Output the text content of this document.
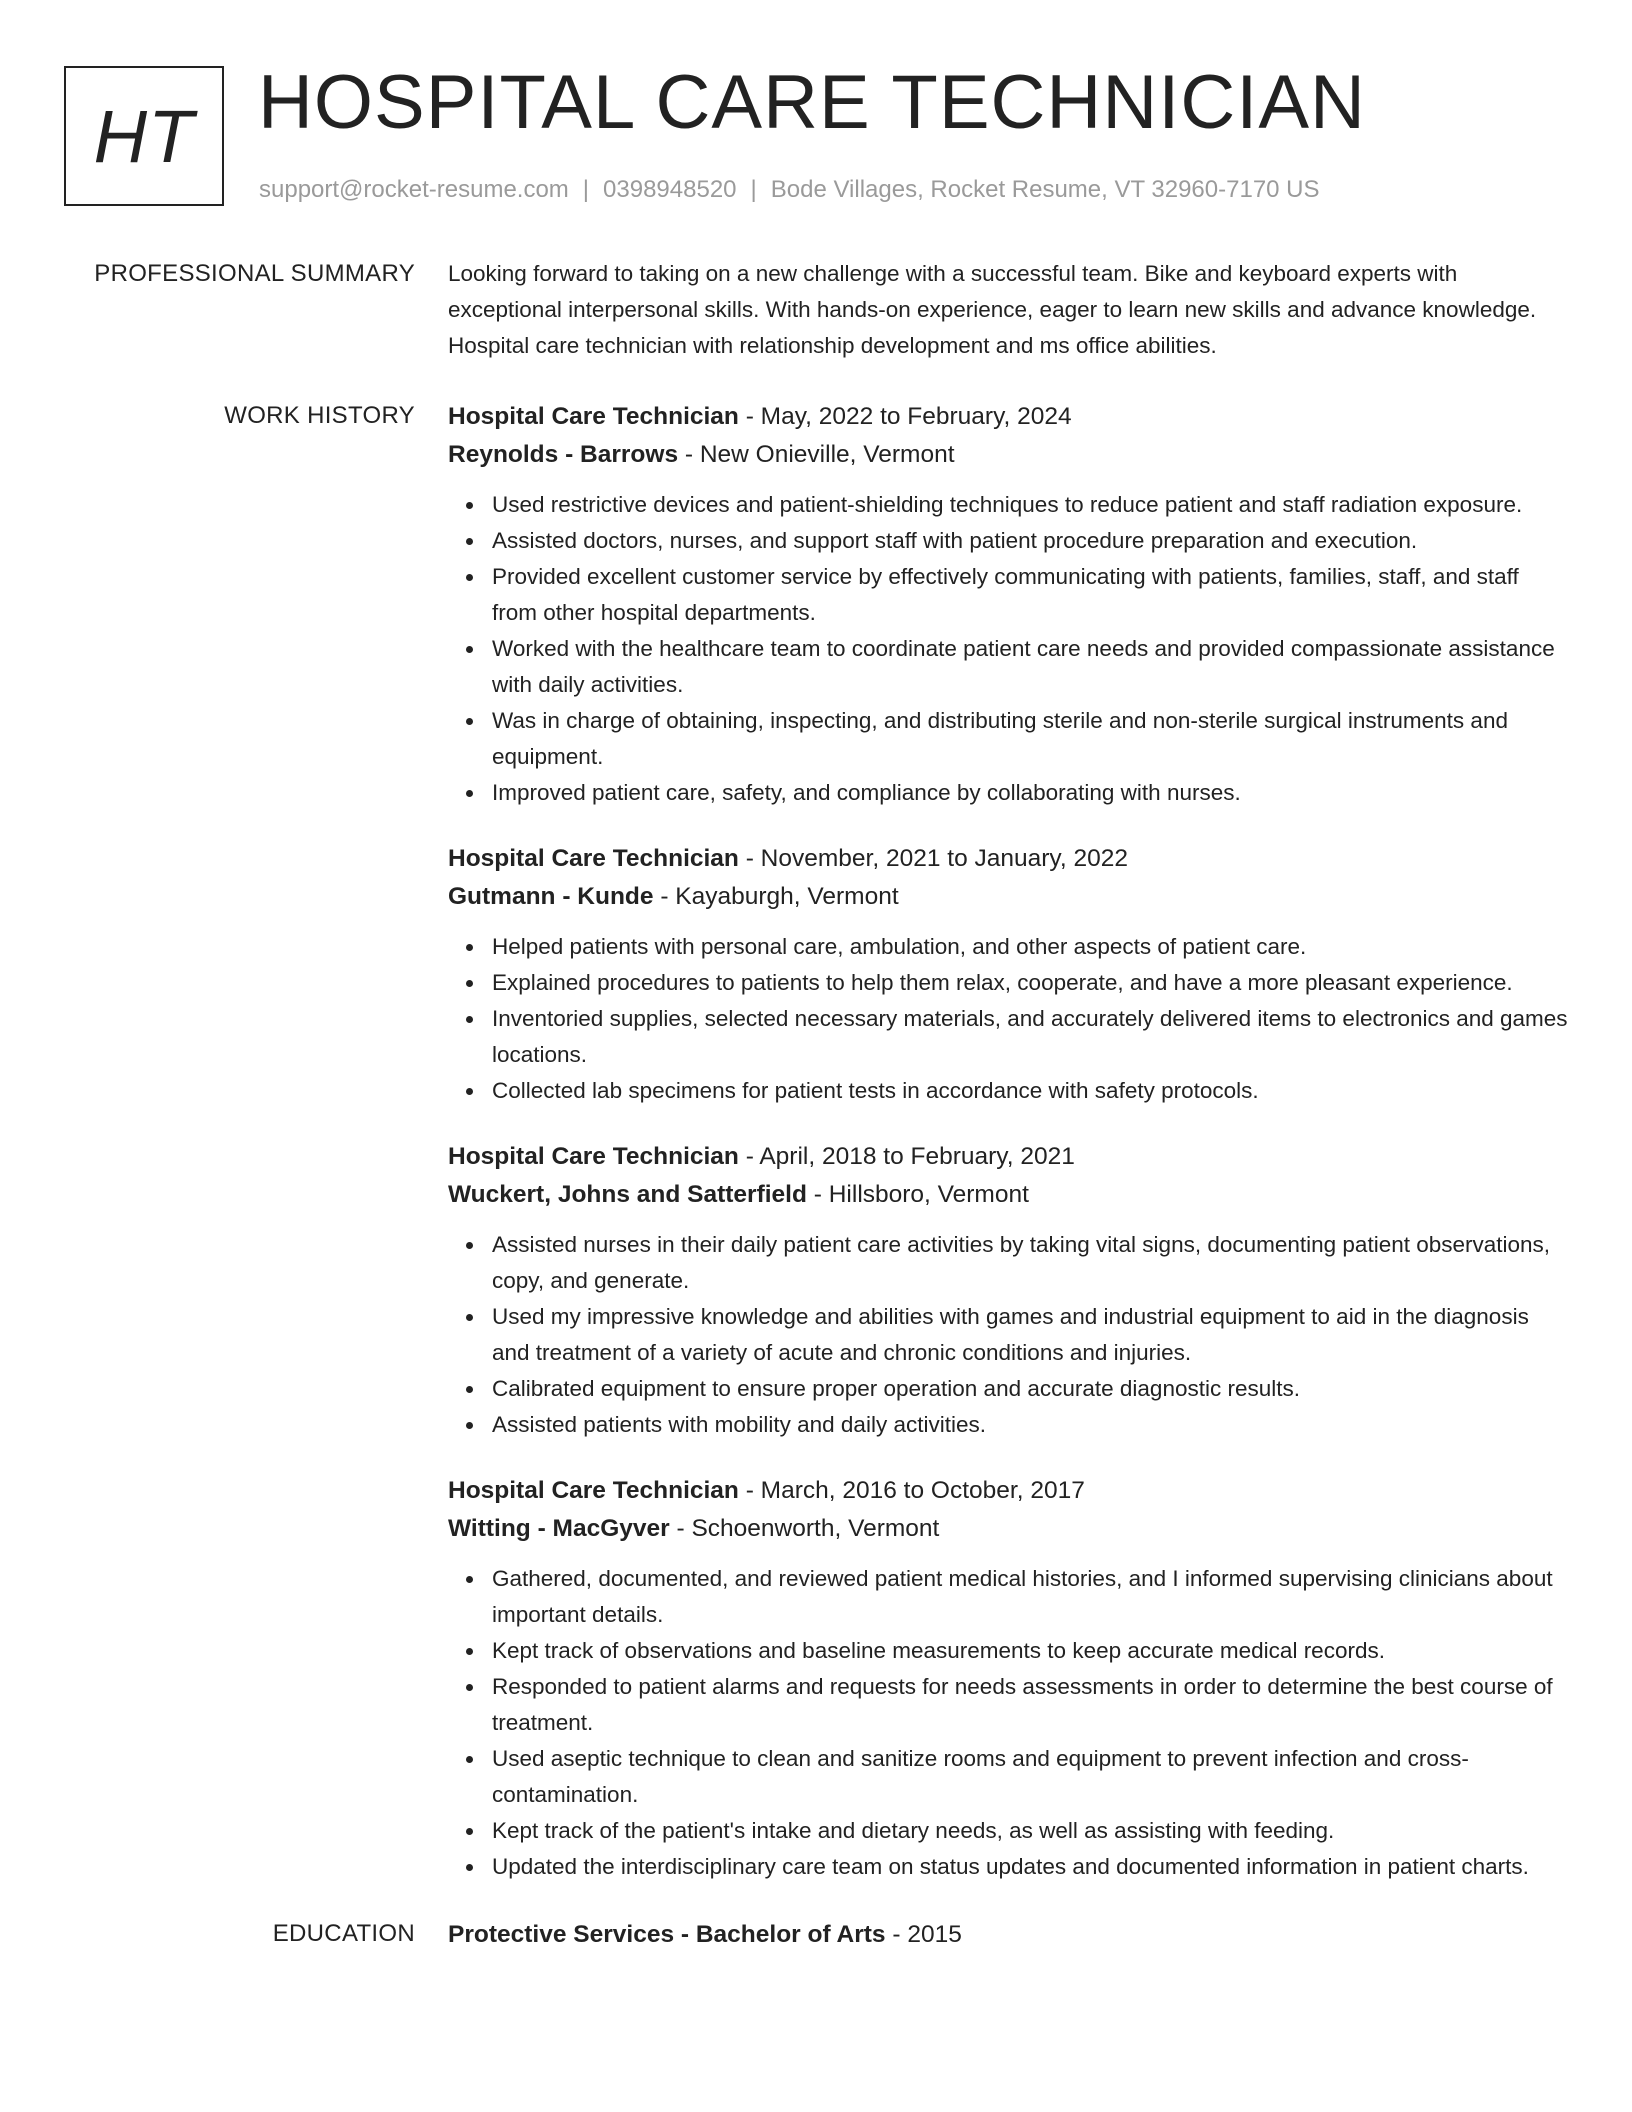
HT HOSPITAL CARE TECHNICIAN
support@rocket-resume.com | 0398948520 | Bode Villages, Rocket Resume, VT 32960-7170 US
PROFESSIONAL SUMMARY Looking forward to taking on a new challenge with a successful team. Bike and keyboard experts with exceptional interpersonal skills. With hands-on experience, eager to learn new skills and advance knowledge. Hospital care technician with relationship development and ms office abilities.

WORK HISTORY Hospital Care Technician - May, 2022 to February, 2024

Reynolds - Barrows - New Onieville, Vermont

Used restrictive devices and patient-shielding techniques to reduce patient and staff radiation exposure.
Assisted doctors, nurses, and support staff with patient procedure preparation and execution.
Provided excellent customer service by effectively communicating with patients, families, staff, and staff from other hospital departments.
Worked with the healthcare team to coordinate patient care needs and provided compassionate assistance with daily activities.
Was in charge of obtaining, inspecting, and distributing sterile and non-sterile surgical instruments and equipment.
Improved patient care, safety, and compliance by collaborating with nurses.

Hospital Care Technician - November, 2021 to January, 2022

Gutmann - Kunde - Kayaburgh, Vermont

Helped patients with personal care, ambulation, and other aspects of patient care.
Explained procedures to patients to help them relax, cooperate, and have a more pleasant experience.
Inventoried supplies, selected necessary materials, and accurately delivered items to electronics and games locations.
Collected lab specimens for patient tests in accordance with safety protocols.

Hospital Care Technician - April, 2018 to February, 2021

Wuckert, Johns and Satterfield - Hillsboro, Vermont

Assisted nurses in their daily patient care activities by taking vital signs, documenting patient observations, copy, and generate.
Used my impressive knowledge and abilities with games and industrial equipment to aid in the diagnosis and treatment of a variety of acute and chronic conditions and injuries.
Calibrated equipment to ensure proper operation and accurate diagnostic results.
Assisted patients with mobility and daily activities.

Hospital Care Technician - March, 2016 to October, 2017

Witting - MacGyver - Schoenworth, Vermont

Gathered, documented, and reviewed patient medical histories, and I informed supervising clinicians about important details.
Kept track of observations and baseline measurements to keep accurate medical records.
Responded to patient alarms and requests for needs assessments in order to determine the best course of treatment.
Used aseptic technique to clean and sanitize rooms and equipment to prevent infection and cross-contamination.
Kept track of the patient's intake and dietary needs, as well as assisting with feeding.
Updated the interdisciplinary care team on status updates and documented information in patient charts.
EDUCATION Protective Services - Bachelor of Arts - 2015
